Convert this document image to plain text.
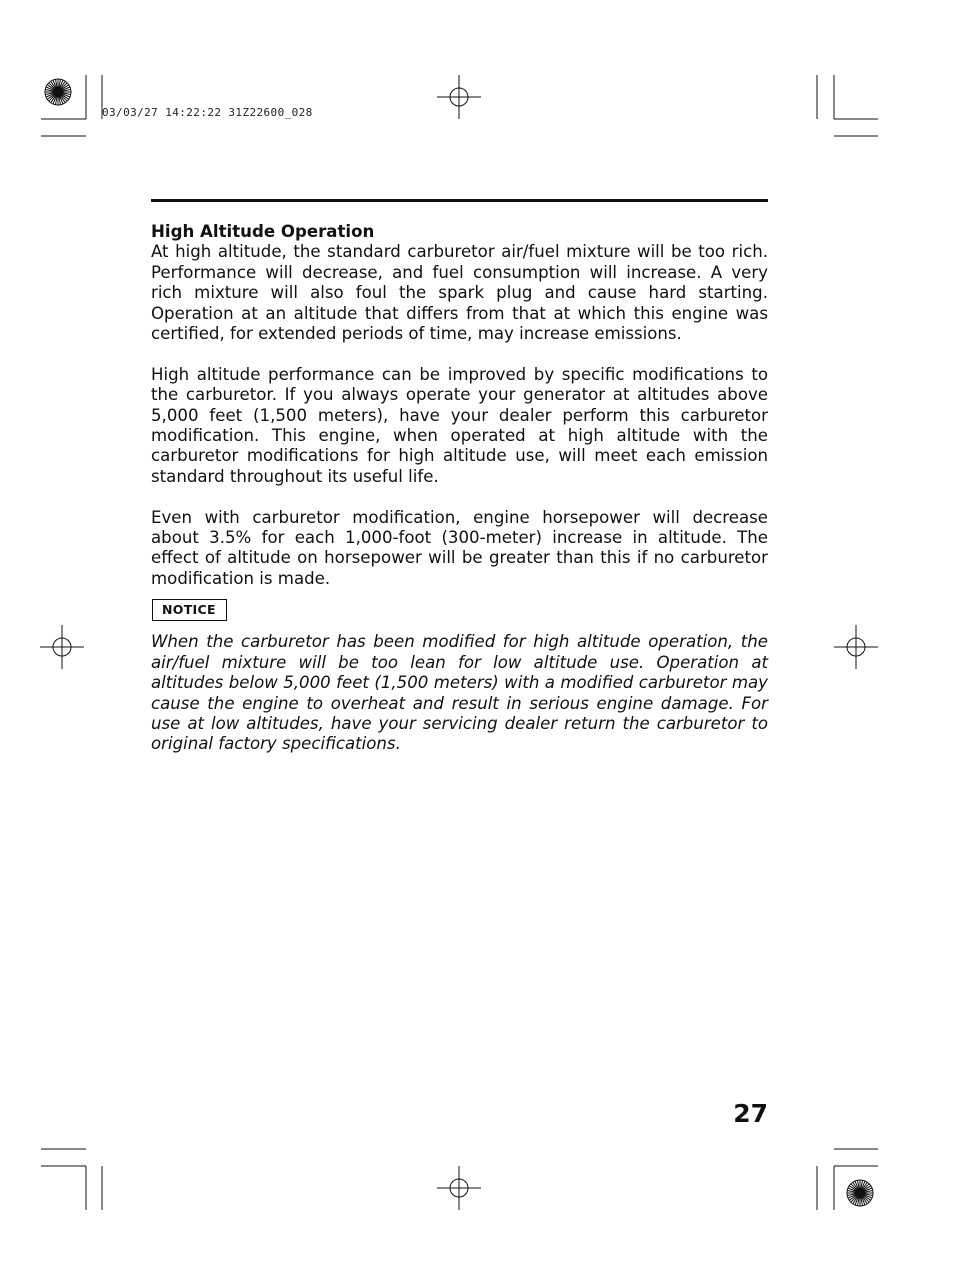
03/03/27 14:22:22 31Z22600_028
High Altitude Operation

At high altitude, the standard carburetor air/fuel mixture will be too rich. Performance will decrease, and fuel consumption will increase. A very rich mixture will also foul the spark plug and cause hard starting. Operation at an altitude that differs from that at which this engine was certified, for extended periods of time, may increase emissions.

High altitude performance can be improved by specific modifications to the carburetor. If you always operate your generator at altitudes above 5,000 feet (1,500 meters), have your dealer perform this carburetor modification. This engine, when operated at high altitude with the carburetor modifications for high altitude use, will meet each emission standard throughout its useful life.

Even with carburetor modification, engine horsepower will decrease about 3.5% for each 1,000-foot (300-meter) increase in altitude. The effect of altitude on horsepower will be greater than this if no carburetor modification is made.

NOTICE

When the carburetor has been modified for high altitude operation, the air/fuel mixture will be too lean for low altitude use. Operation at altitudes below 5,000 feet (1,500 meters) with a modified carburetor may cause the engine to overheat and result in serious engine damage. For use at low altitudes, have your servicing dealer return the carburetor to original factory specifications.

27
